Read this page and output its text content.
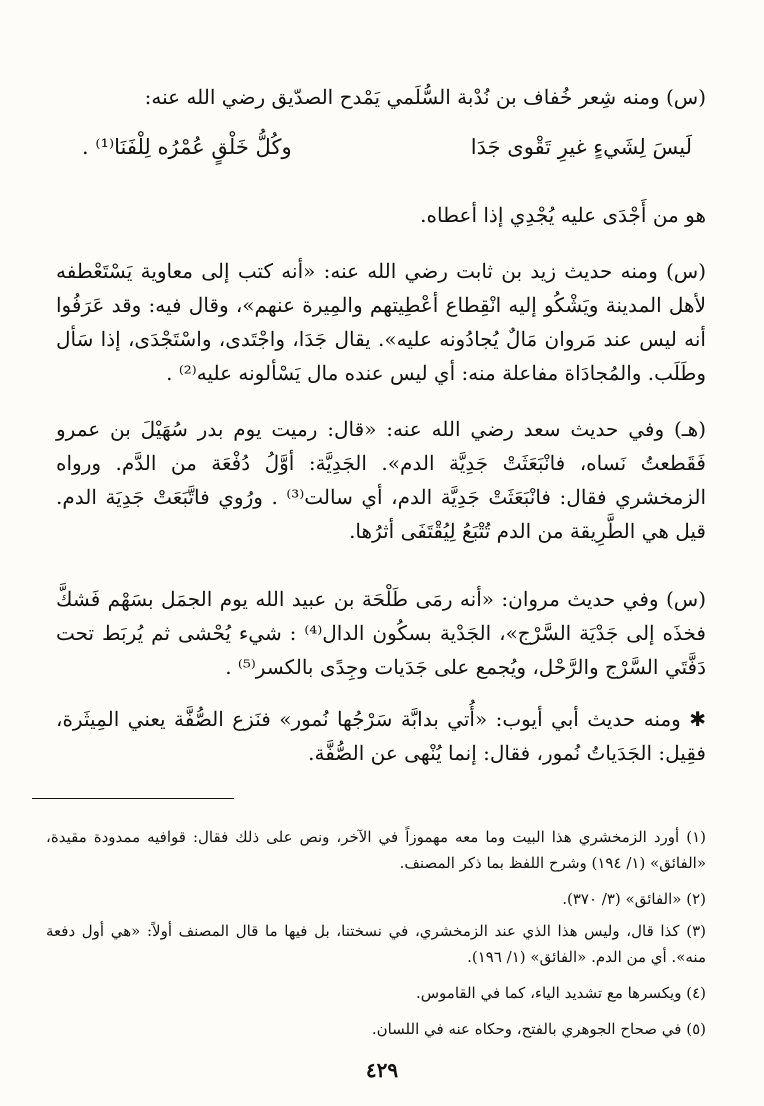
(س) ومنه شِعر خُفاف بن نُدْبة السُّلَمي يَمْدح الصدّيق رضي الله عنه:
لَيسَ لِشَيءٍ غيرِ تَقْوى جَدَا
وكُلُّ خَلْقٍ عُمْرُه لِلْفَنَا⁽¹⁾ .
هو من أَجْدَى عليه يُجْدِي إذا أعطاه.
(س) ومنه حديث زيد بن ثابت رضي الله عنه: «أنه كتب إلى معاوية يَسْتَعْطفه لأهل المدينة ويَشْكُو إليه انْقِطاع أعْطِيتهم والمِيرة عنهم»، وقال فيه: وقد عَرَفُوا أنه ليس عند مَروان مَالٌ يُجادُونه عليه». يقال جَدَا، واجْتَدى، واسْتَجْدَى، إذا سَأل وطَلَب. والمُجادَاة مفاعلة منه: أي ليس عنده مال يَسْألونه عليه⁽²⁾ .
(هـ) وفي حديث سعد رضي الله عنه: «قال: رميت يوم بدر سُهَيْلَ بن عمرو فَقَطعتُ نَساه، فانْبَعَثَتْ جَدِيَّة الدم». الجَدِيَّة: أوَّلُ دُفْعَة من الدَّم. ورواه الزمخشري فقال: فانْبَعَثَتْ جَدِيَّة الدم، أي سالت⁽³⁾ . ورُوي فاتَّبَعَتْ جَدِيَة الدم. قيل هي الطَّرِيقة من الدم تُتْبَعُ لِيُقْتَفَى أثرُها.
(س) وفي حديث مروان: «أنه رمَى طَلْحَة بن عبيد الله يوم الجمَل بسَهْم فَشكَّ فخذَه إلى جَدْيَة السَّرْج»، الجَدْية بسكُون الدال⁽⁴⁾ : شيء يُحْشى ثم يُربَط تحت دَفَّتَي السَّرْج والرَّحْل، ويُجمع على جَدَيات وجِدًى بالكسر⁽⁵⁾ .
✱ ومنه حديث أبي أيوب: «أُتي بدابَّة سَرْجُها نُمور» فنَزع الصُّفَّة يعني المِيثَرة، فقِيل: الجَدَياتُ نُمور، فقال: إنما يُنْهى عن الصُّفَّة.
(١) أورد الزمخشري هذا البيت وما معه مهموزاً في الآخر، ونص على ذلك فقال: قوافيه ممدودة مقيدة، «الفائق» (١/ ١٩٤) وشرح اللفظ بما ذكر المصنف.
(٢) «الفائق» (٣/ ٣٧٠).
(٣) كذا قال، وليس هذا الذي عند الزمخشري، في نسختنا، بل فيها ما قال المصنف أولاً: «هي أول دفعة منه». أي من الدم. «الفائق» (١/ ١٩٦).
(٤) ويكسرها مع تشديد الياء، كما في القاموس.
(٥) في صحاح الجوهري بالفتح، وحكاه عنه في اللسان.
٤٢٩
